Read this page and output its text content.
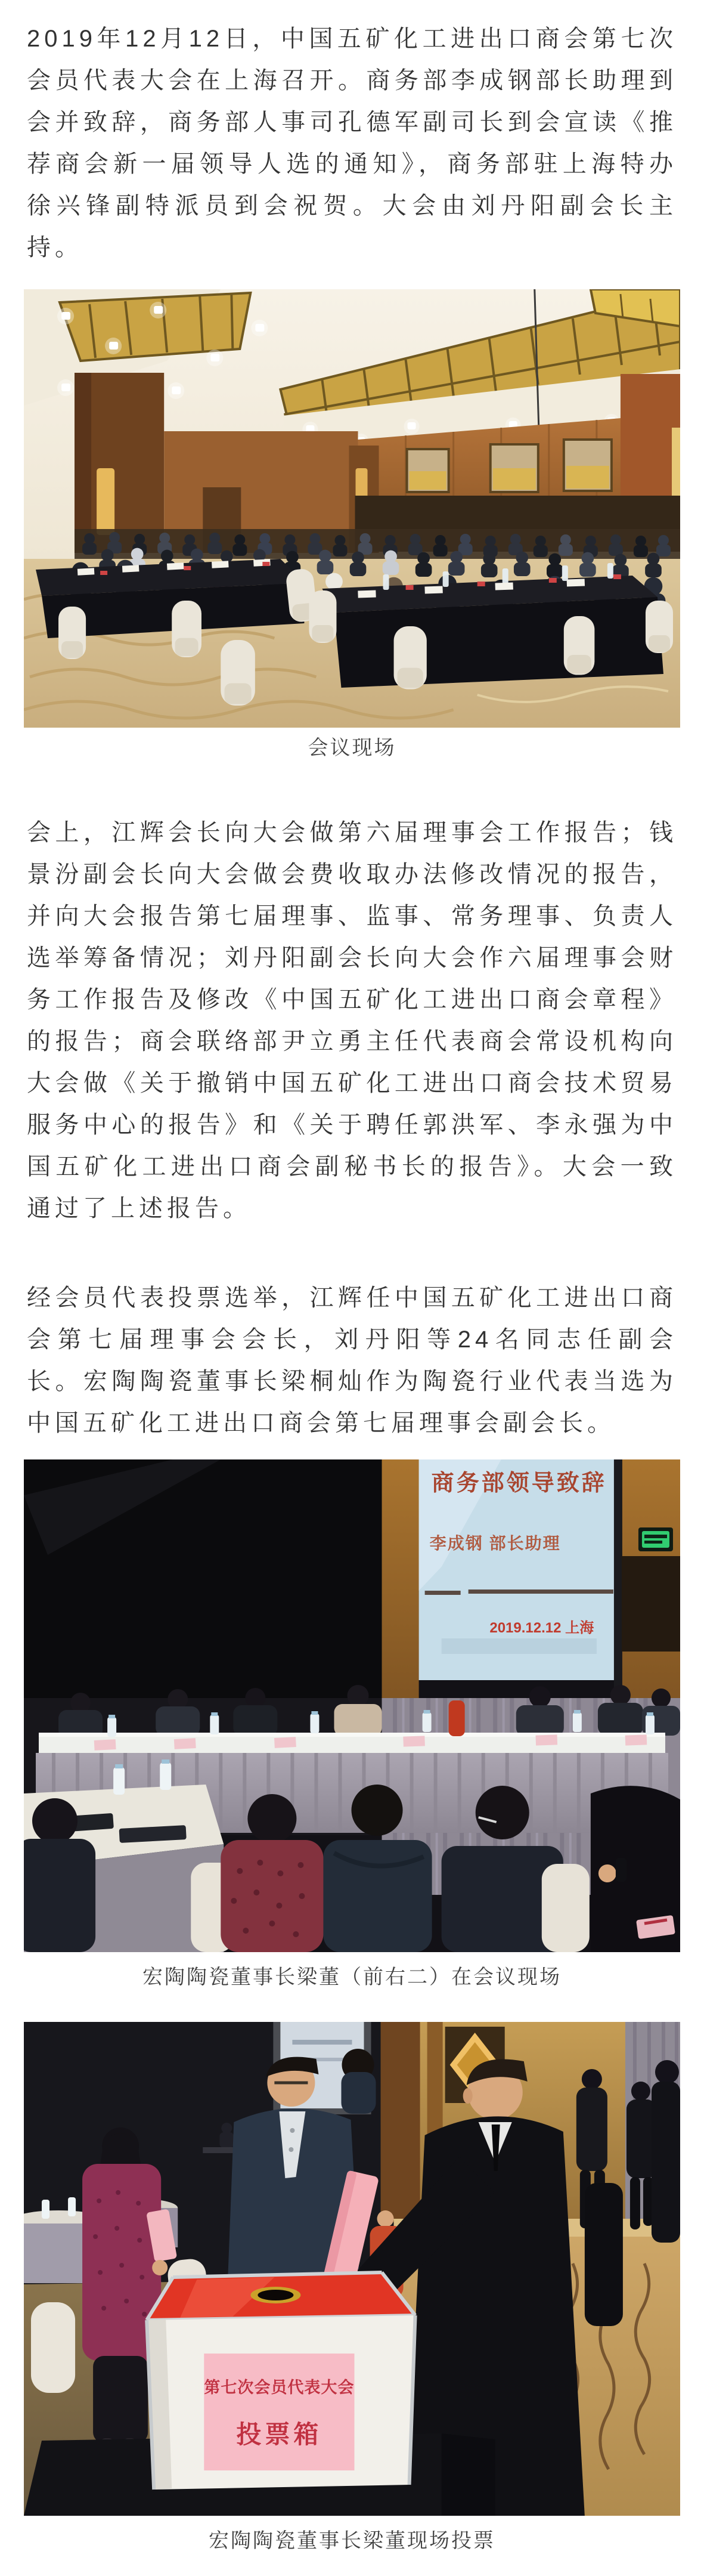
2019年12月12日，中国五矿化工进出口商会第七次会员代表大会在上海召开。商务部李成钢部长助理到会并致辞，商务部人事司孔德军副司长到会宣读《推荐商会新一届领导人选的通知》，商务部驻上海特办徐兴锋副特派员到会祝贺。大会由刘丹阳副会长主持。

会议现场

会上，江辉会长向大会做第六届理事会工作报告；钱景汾副会长向大会做会费收取办法修改情况的报告，并向大会报告第七届理事、监事、常务理事、负责人选举筹备情况；刘丹阳副会长向大会作六届理事会财务工作报告及修改《中国五矿化工进出口商会章程》的报告；商会联络部尹立勇主任代表商会常设机构向大会做《关于撤销中国五矿化工进出口商会技术贸易服务中心的报告》和《关于聘任郭洪军、李永强为中国五矿化工进出口商会副秘书长的报告》。大会一致通过了上述报告。

经会员代表投票选举，江辉任中国五矿化工进出口商会第七届理事会会长，刘丹阳等24名同志任副会长。宏陶陶瓷董事长梁桐灿作为陶瓷行业代表当选为中国五矿化工进出口商会第七届理事会副会长。

商务部领导致辞
李成钢 部长助理
2019.12.12 上海
宏陶陶瓷董事长梁董（前右二）在会议现场
第七次会员代表大会
投票箱
宏陶陶瓷董事长梁董现场投票
